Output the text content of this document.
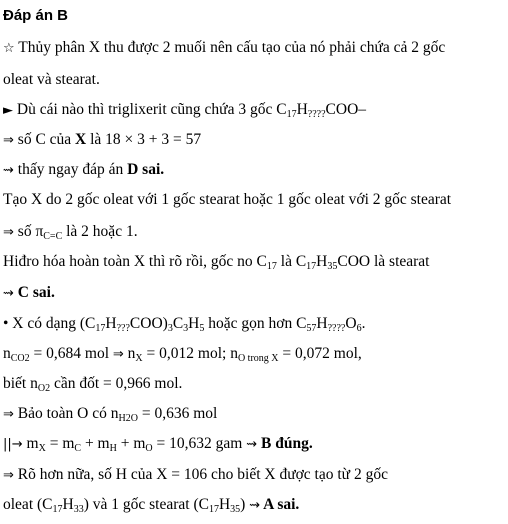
Đáp án B
☆ Thủy phân X thu được 2 muối nên cấu tạo của nó phải chứa cả 2 gốc
oleat và stearat.
► Dù cái nào thì triglixerit cũng chứa 3 gốc $C_{17}H_{????}COO-$
⇒ số C của X là 18 × 3 + 3 = 57
⇝ thấy ngay đáp án D sai.
Tạo X do 2 gốc oleat với 1 gốc stearat hoặc 1 gốc oleat với 2 gốc stearat
⇒ số $\pi_{C=C}$ là 2 hoặc 1.
Hiđro hóa hoàn toàn X thì rõ rồi, gốc no $C_{17}$ là $C_{17}H_{35}COO$ là stearat
⇝ C sai.
• X có dạng $(C_{17}H_{???}COO)_3C_3H_5$ hoặc gọn hơn $C_{57}H_{????}O_6$.
$n_{CO2} = 0,684$ mol ⇒ $n_X = 0,012$ mol; $n_{O trong X} = 0,072$ mol,
biết $n_{O2}$ cần đốt = 0,966 mol.
⇒ Bảo toàn O có $n_{H2O} = 0,636$ mol
||→ $m_X = m_C + m_H + m_O = 10,632$ gam ⇝ B đúng.
⇒ Rõ hơn nữa, số H của X = 106 cho biết X được tạo từ 2 gốc
oleat $(C_{17}H_{33})$ và 1 gốc stearat $(C_{17}H_{35})$ ⇝ A sai.
